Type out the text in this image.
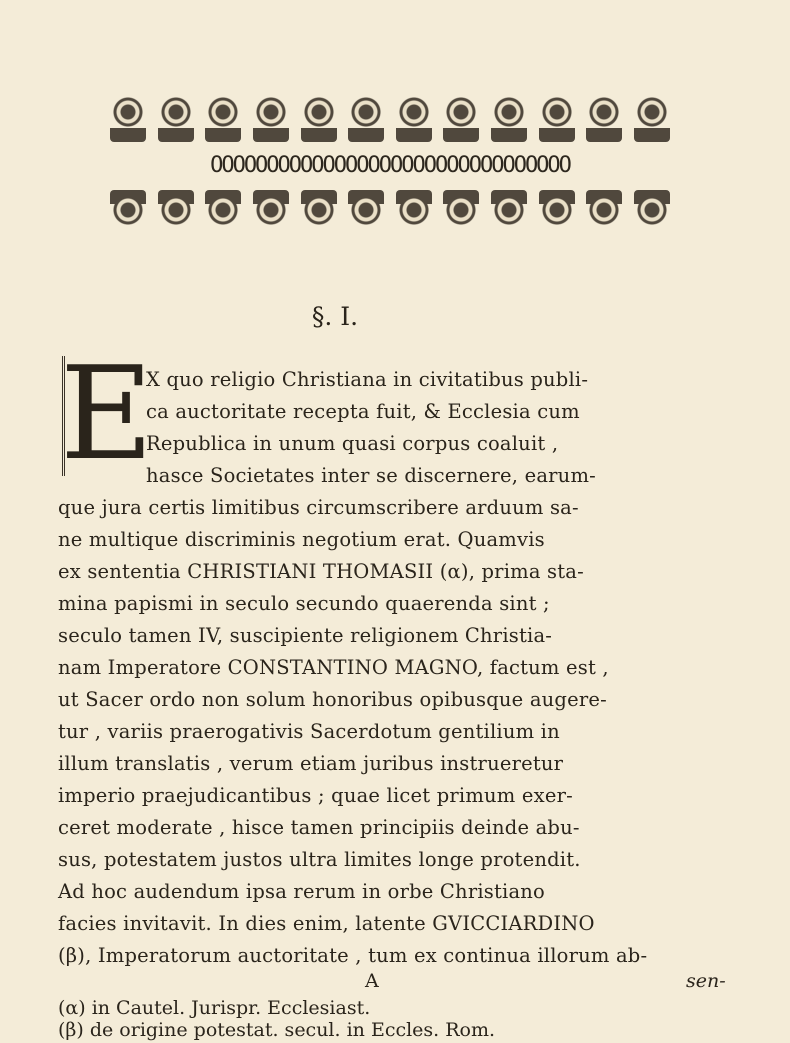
OOOOOOOOOOOOOOOOOOOOOOOOOOOOOOOO
§. I.
E
X quo religio Christiana in civitatibus publi-
ca auctoritate recepta fuit, & Ecclesia cum
Republica in unum quasi corpus coaluit ,
hasce Societates inter se discernere, earum-
que jura certis limitibus circumscribere arduum sa-
ne multique discriminis negotium erat. Quamvis
ex sententia CHRISTIANI THOMASII (α), prima sta-
mina papismi in seculo secundo quaerenda sint ;
seculo tamen IV, suscipiente religionem Christia-
nam Imperatore CONSTANTINO MAGNO, factum est ,
ut Sacer ordo non solum honoribus opibusque augere-
tur , variis praerogativis Sacerdotum gentilium in
illum translatis , verum etiam juribus instrueretur
imperio praejudicantibus ; quae licet primum exer-
ceret moderate , hisce tamen principiis deinde abu-
sus, potestatem justos ultra limites longe protendit.
Ad hoc audendum ipsa rerum in orbe Christiano
facies invitavit. In dies enim, latente GVICCIARDINO
(β), Imperatorum auctoritate , tum ex continua illorum ab-
A	sen-
(α) in Cautel. Jurispr. Ecclesiast.
(β) de origine potestat. secul. in Eccles. Rom.
